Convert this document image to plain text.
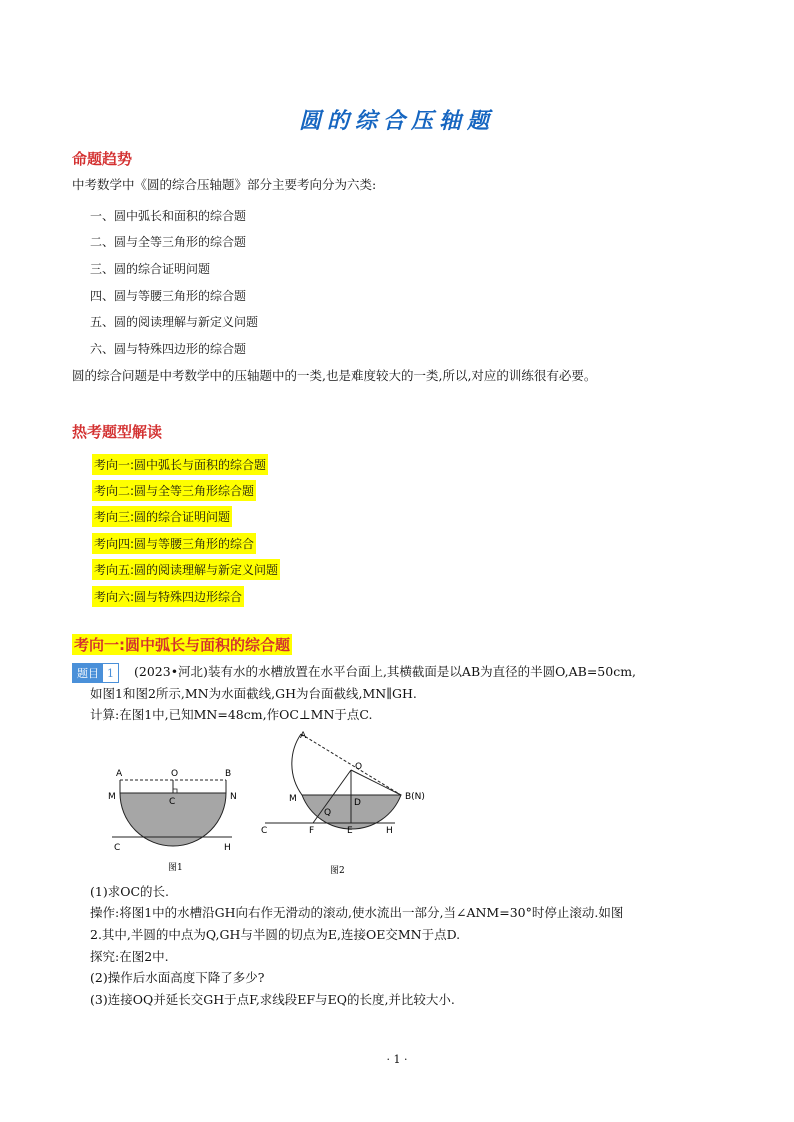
圆的综合压轴题
命题趋势
中考数学中《圆的综合压轴题》部分主要考向分为六类:
一、圆中弧长和面积的综合题
二、圆与全等三角形的综合题
三、圆的综合证明问题
四、圆与等腰三角形的综合题
五、圆的阅读理解与新定义问题
六、圆与特殊四边形的综合题
圆的综合问题是中考数学中的压轴题中的一类,也是难度较大的一类,所以,对应的训练很有必要。
热考题型解读
考向一:圆中弧长与面积的综合题
考向二:圆与全等三角形综合题
考向三:圆的综合证明问题
考向四:圆与等腰三角形的综合
考向五:圆的阅读理解与新定义问题
考向六:圆与特殊四边形综合
考向一:圆中弧长与面积的综合题
题目 1	(2023•河北)装有水的水槽放置在水平台面上,其横截面是以AB为直径的半圆O,AB=50cm,
如图1和图2所示,MN为水面截线,GH为台面截线,MN∥GH.
计算:在图1中,已知MN=48cm,作OC⊥MN于点C.
A	O	B
M	C	N
C	H
图1
A
O
M	B(N)
Q
D
C	F	E	H
图2
(1)求OC的长.
操作:将图1中的水槽沿GH向右作无滑动的滚动,使水流出一部分,当∠ANM=30°时停止滚动.如图
2.其中,半圆的中点为Q,GH与半圆的切点为E,连接OE交MN于点D.
探究:在图2中.
(2)操作后水面高度下降了多少?
(3)连接OQ并延长交GH于点F,求线段EF与EQ的长度,并比较大小.
· 1 ·
